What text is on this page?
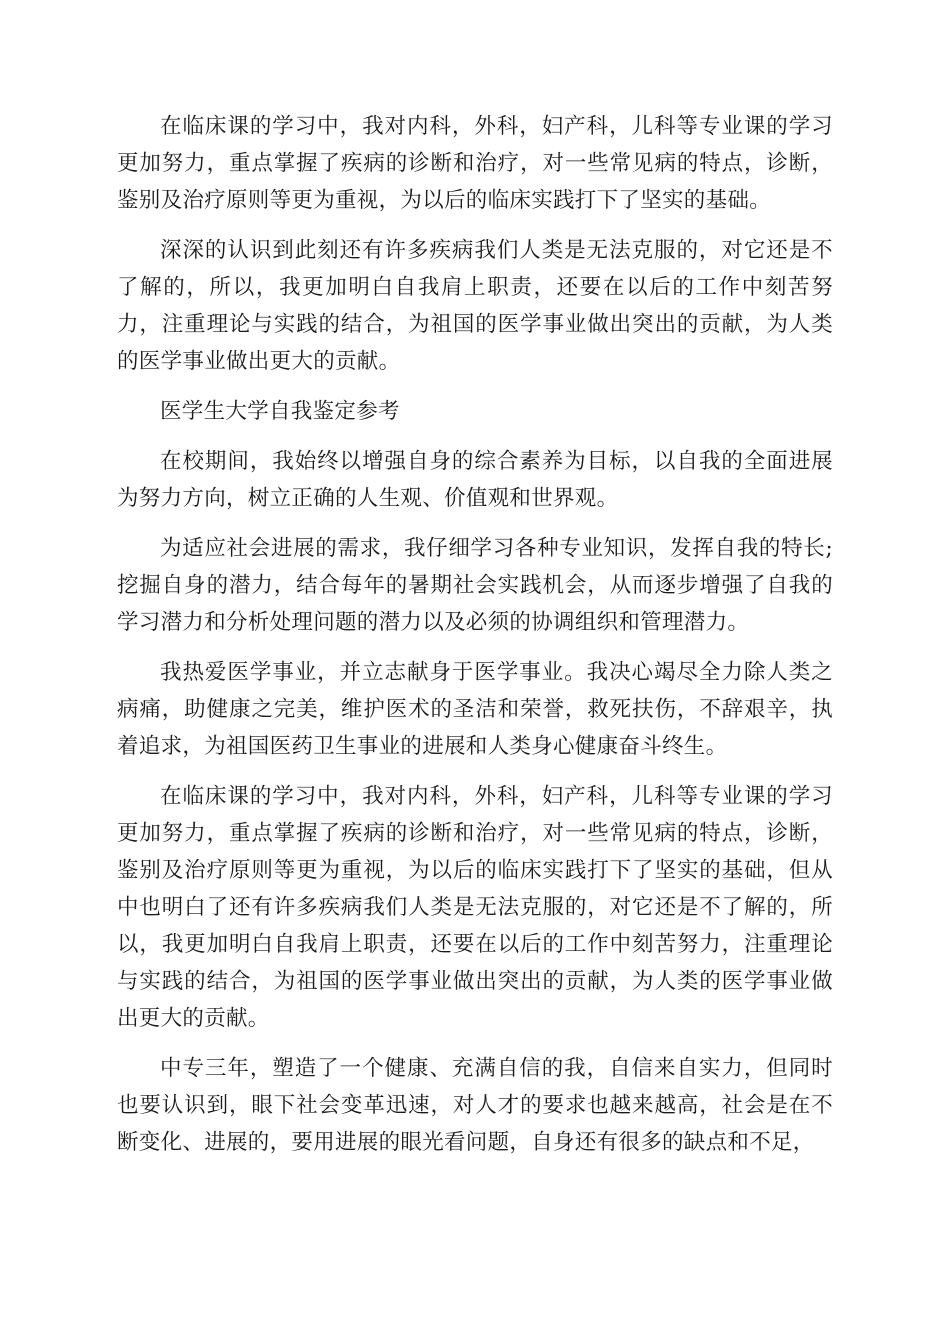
在临床课的学习中，我对内科，外科，妇产科，儿科等专业课的学习更加努力，重点掌握了疾病的诊断和治疗，对一些常见病的特点，诊断，鉴别及治疗原则等更为重视，为以后的临床实践打下了坚实的基础。

深深的认识到此刻还有许多疾病我们人类是无法克服的，对它还是不了解的，所以，我更加明白自我肩上职责，还要在以后的工作中刻苦努力，注重理论与实践的结合，为祖国的医学事业做出突出的贡献，为人类的医学事业做出更大的贡献。

医学生大学自我鉴定参考

在校期间，我始终以增强自身的综合素养为目标，以自我的全面进展为努力方向，树立正确的人生观、价值观和世界观。

为适应社会进展的需求，我仔细学习各种专业知识，发挥自我的特长;挖掘自身的潜力，结合每年的暑期社会实践机会，从而逐步增强了自我的学习潜力和分析处理问题的潜力以及必须的协调组织和管理潜力。

我热爱医学事业，并立志献身于医学事业。我决心竭尽全力除人类之病痛，助健康之完美，维护医术的圣洁和荣誉，救死扶伤，不辞艰辛，执着追求，为祖国医药卫生事业的进展和人类身心健康奋斗终生。

在临床课的学习中，我对内科，外科，妇产科，儿科等专业课的学习更加努力，重点掌握了疾病的诊断和治疗，对一些常见病的特点，诊断，鉴别及治疗原则等更为重视，为以后的临床实践打下了坚实的基础，但从中也明白了还有许多疾病我们人类是无法克服的，对它还是不了解的，所以，我更加明白自我肩上职责，还要在以后的工作中刻苦努力，注重理论与实践的结合，为祖国的医学事业做出突出的贡献，为人类的医学事业做出更大的贡献。

中专三年，塑造了一个健康、充满自信的我，自信来自实力，但同时也要认识到，眼下社会变革迅速，对人才的要求也越来越高，社会是在不断变化、进展的，要用进展的眼光看问题，自身还有很多的缺点和不足，
